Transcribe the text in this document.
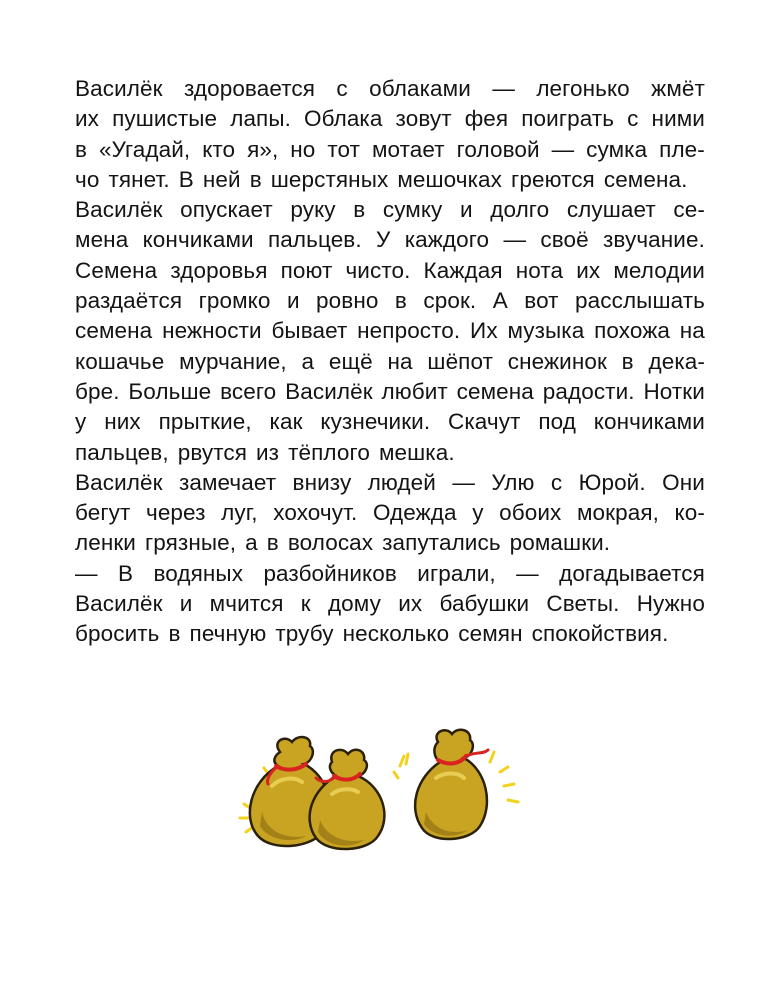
Василёк здоровается с облаками — легонько жмёт
их пушистые лапы. Облака зовут фея поиграть с ними
в «Угадай, кто я», но тот мотает головой — сумка пле-
чо тянет. В ней в шерстяных мешочках греются семена.
Василёк опускает руку в сумку и долго слушает се-
мена кончиками пальцев. У каждого — своё звучание.
Семена здоровья поют чисто. Каждая нота их мелодии
раздаётся громко и ровно в срок. А вот расслышать
семена нежности бывает непросто. Их музыка похожа на
кошачье мурчание, а ещё на шёпот снежинок в дека-
бре. Больше всего Василёк любит семена радости. Нотки
у них прыткие, как кузнечики. Скачут под кончиками
пальцев, рвутся из тёплого мешка.
Василёк замечает внизу людей — Улю с Юрой. Они
бегут через луг, хохочут. Одежда у обоих мокрая, ко-
ленки грязные, а в волосах запутались ромашки.
— В водяных разбойников играли, — догадывается
Василёк и мчится к дому их бабушки Светы. Нужно
бросить в печную трубу несколько семян спокойствия.
